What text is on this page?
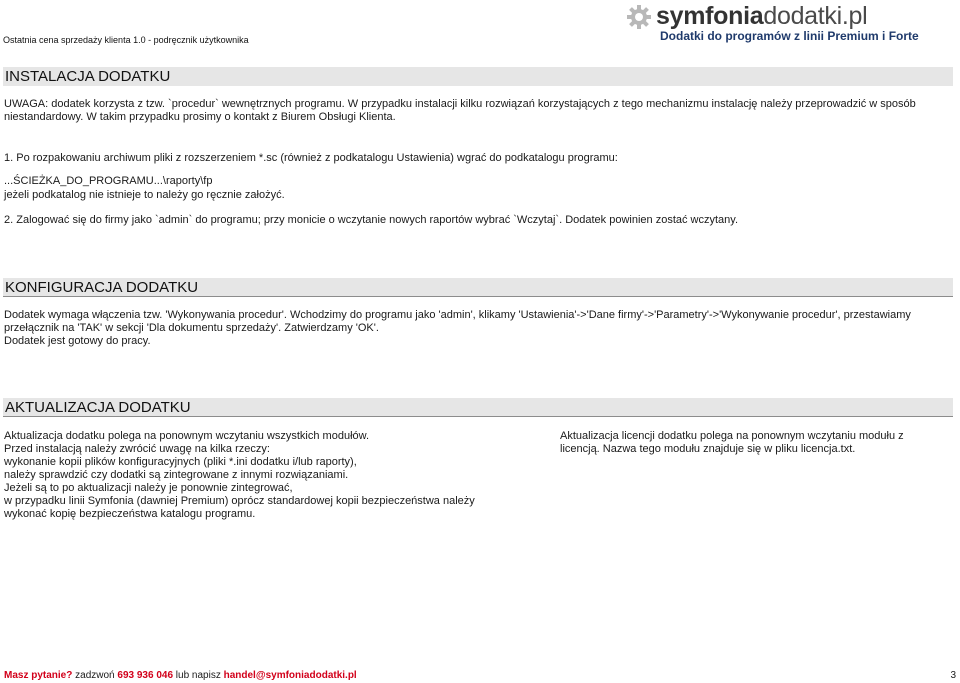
Ostatnia cena sprzedaży klienta 1.0 - podręcznik użytkownika
symfoniadodatki.pl
Dodatki do programów z linii Premium i Forte
INSTALACJA DODATKU
UWAGA: dodatek korzysta z tzw. `procedur` wewnętrznych programu. W przypadku instalacji kilku rozwiązań korzystających z tego mechanizmu instalację należy przeprowadzić w sposób
niestandardowy. W takim przypadku prosimy o kontakt z Biurem Obsługi Klienta.
1. Po rozpakowaniu archiwum pliki z rozszerzeniem *.sc (również z podkatalogu Ustawienia) wgrać do podkatalogu programu:
...ŚCIEŻKA_DO_PROGRAMU...\raporty\fp
jeżeli podkatalog nie istnieje to należy go ręcznie założyć.
2. Zalogować się do firmy jako `admin` do programu; przy monicie o wczytanie nowych raportów wybrać `Wczytaj`. Dodatek powinien zostać wczytany.
KONFIGURACJA DODATKU
Dodatek wymaga włączenia tzw. 'Wykonywania procedur'. Wchodzimy do programu jako 'admin', klikamy 'Ustawienia'->'Dane firmy'->'Parametry'->'Wykonywanie procedur', przestawiamy
przełącznik na 'TAK' w sekcji 'Dla dokumentu sprzedaży'. Zatwierdzamy 'OK'.
Dodatek jest gotowy do pracy.
AKTUALIZACJA DODATKU
Aktualizacja dodatku polega na ponownym wczytaniu wszystkich modułów.
Przed instalacją należy zwrócić uwagę na kilka rzeczy:
wykonanie kopii plików konfiguracyjnych (pliki *.ini dodatku i/lub raporty),
należy sprawdzić czy dodatki są zintegrowane z innymi rozwiązaniami.
Jeżeli są to po aktualizacji należy je ponownie zintegrować,
w przypadku linii Symfonia (dawniej Premium) oprócz standardowej kopii bezpieczeństwa należy
wykonać kopię bezpieczeństwa katalogu programu.
Aktualizacja licencji dodatku polega na ponownym wczytaniu modułu z
licencją. Nazwa tego modułu znajduje się w pliku licencja.txt.
Masz pytanie? zadzwoń 693 936 046 lub napisz handel@symfoniadodatki.pl	3
